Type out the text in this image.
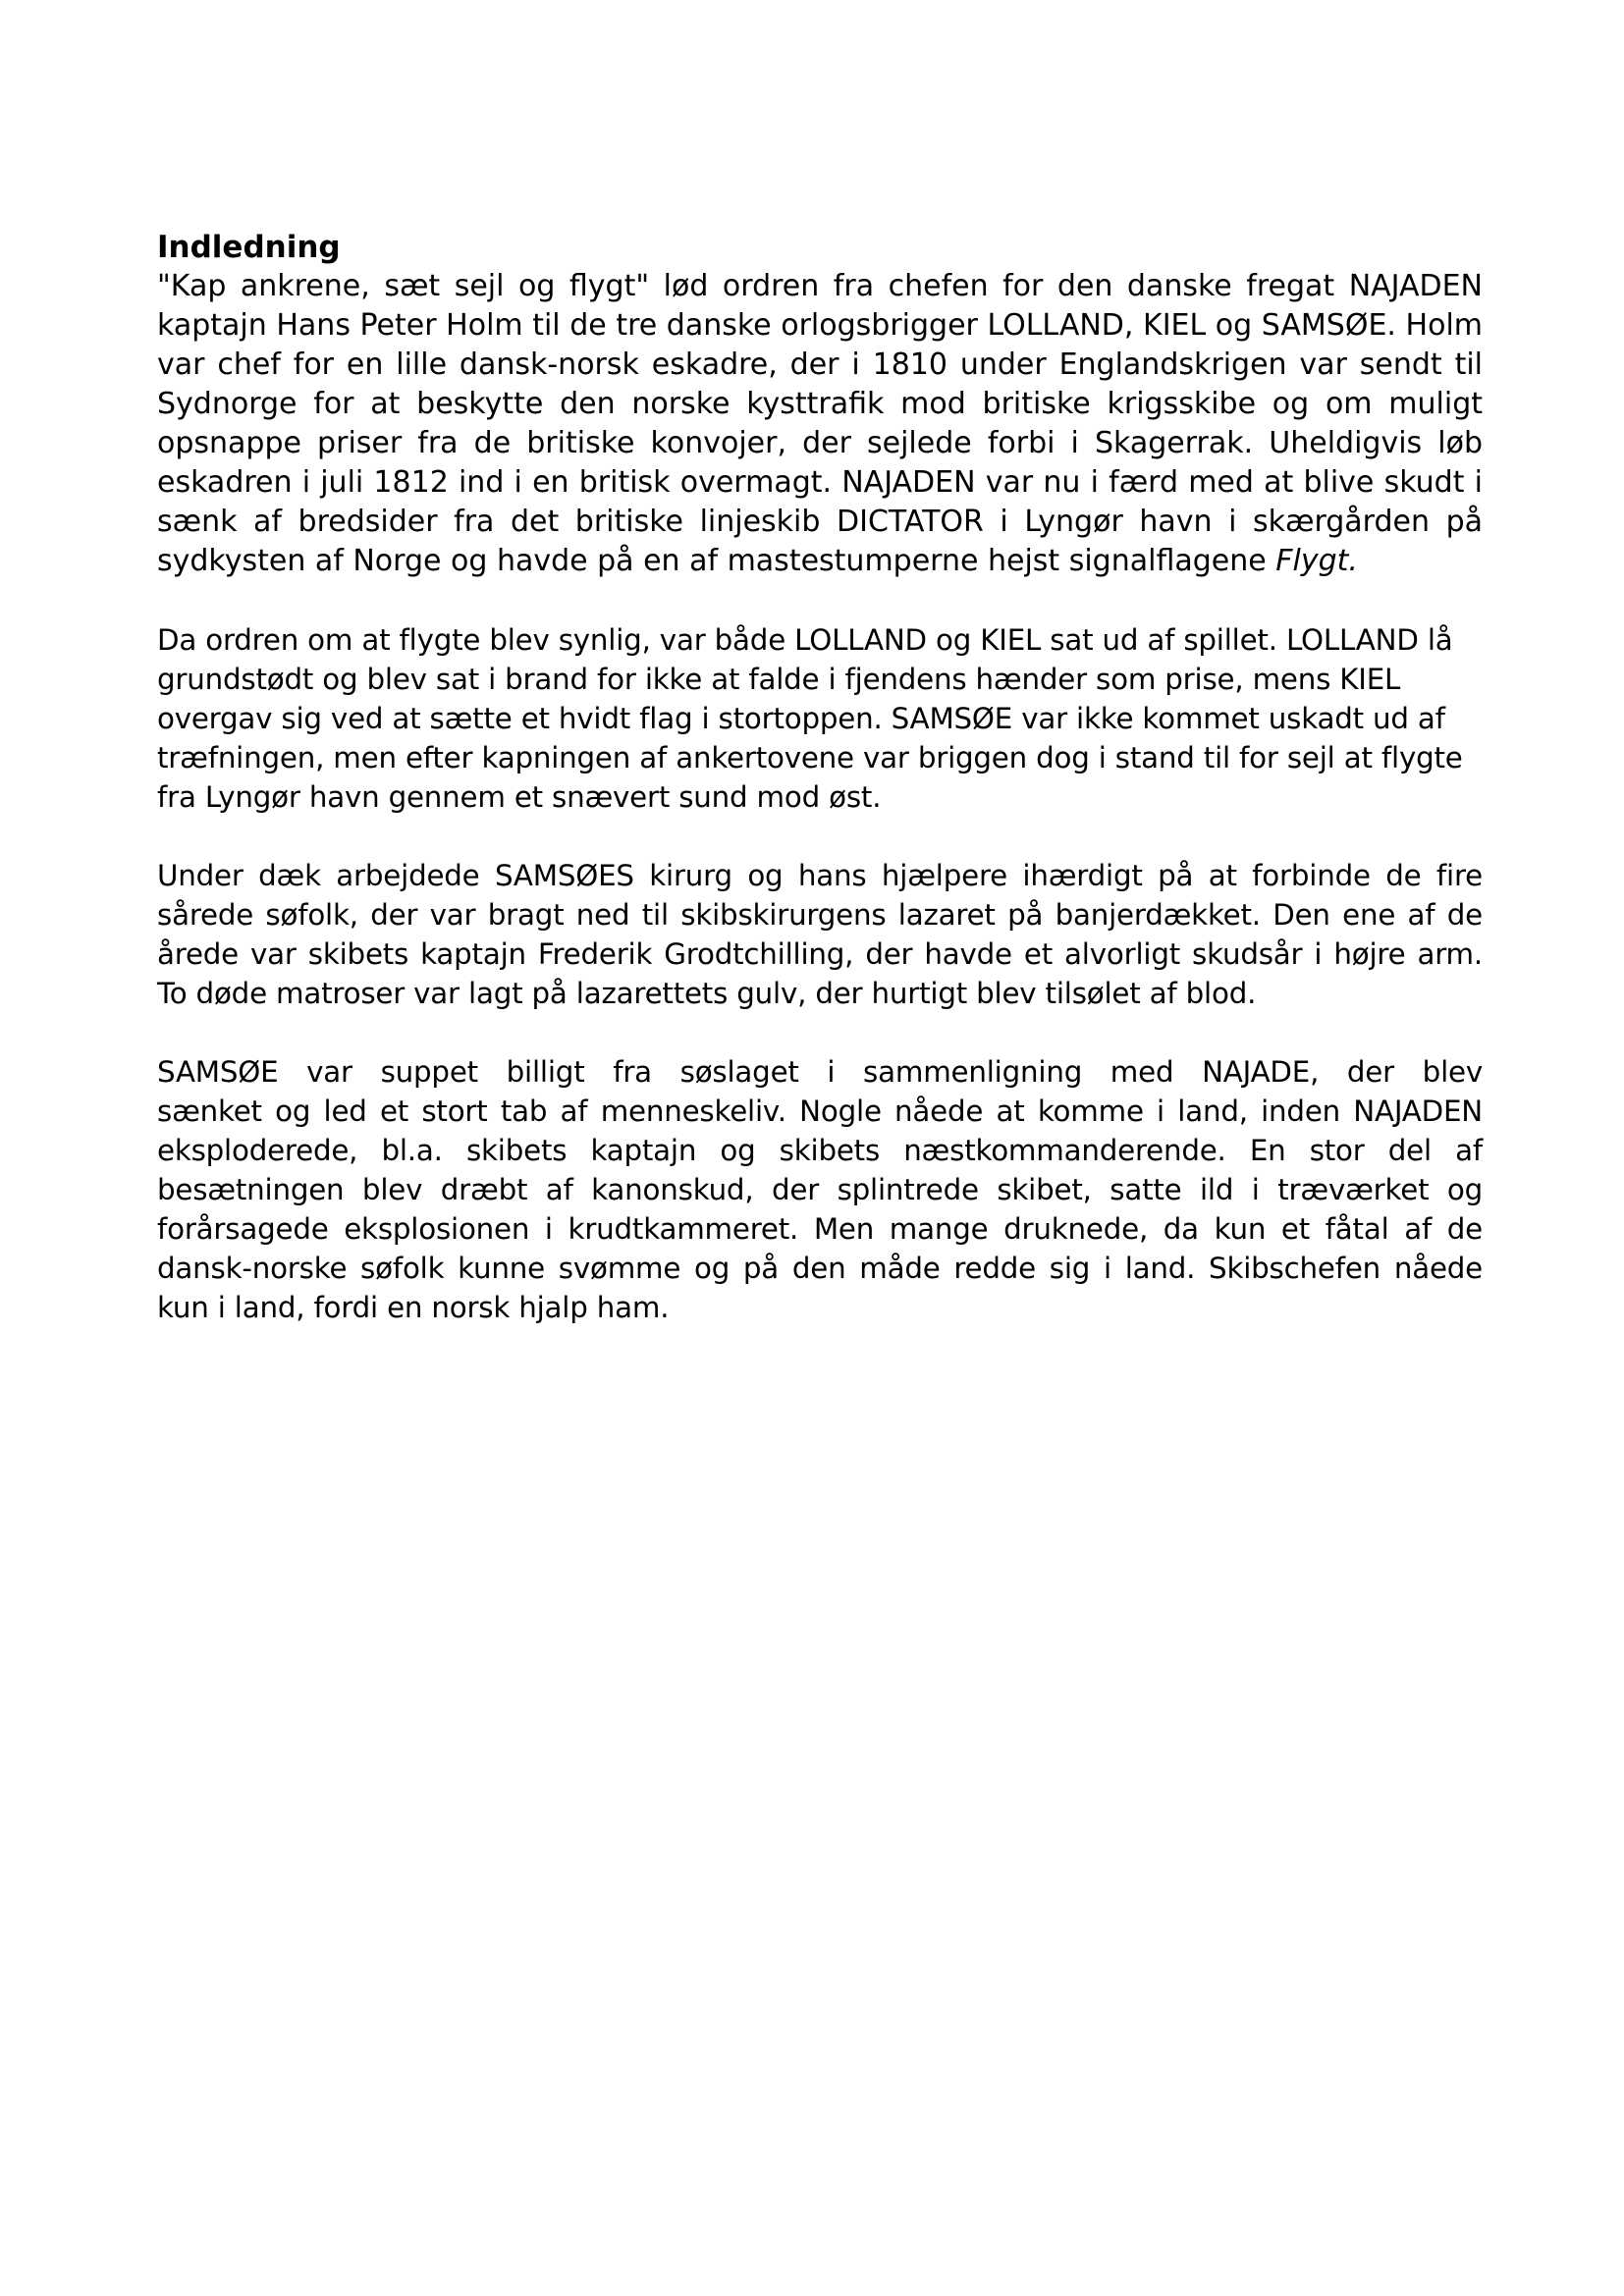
Indledning

"Kap ankrene, sæt sejl og flygt" lød ordren fra chefen for den danske fregat NAJADEN kaptajn Hans Peter Holm til de tre danske orlogsbrigger LOLLAND, KIEL og SAMSØE. Holm var chef for en lille dansk-norsk eskadre, der i 1810 under Englandskrigen var sendt til Sydnorge for at beskytte den norske kysttrafik mod britiske krigsskibe og om muligt opsnappe priser fra de britiske konvojer, der sejlede forbi i Skagerrak. Uheldigvis løb eskadren i juli 1812 ind i en britisk overmagt. NAJADEN var nu i færd med at blive skudt i sænk af bredsider fra det britiske linjeskib DICTATOR i Lyngør havn i skærgården på sydkysten af Norge og havde på en af mastestumperne hejst signalflagene Flygt.

Da ordren om at flygte blev synlig, var både LOLLAND og KIEL sat ud af spillet. LOLLAND lå grundstødt og blev sat i brand for ikke at falde i fjendens hænder som prise, mens KIEL overgav sig ved at sætte et hvidt flag i stortoppen. SAMSØE var ikke kommet uskadt ud af træfningen, men efter kapningen af ankertovene var briggen dog i stand til for sejl at flygte fra Lyngør havn gennem et snævert sund mod øst.

Under dæk arbejdede SAMSØES kirurg og hans hjælpere ihærdigt på at forbinde de fire sårede søfolk, der var bragt ned til skibskirurgens lazaret på banjerdækket. Den ene af de årede var skibets kaptajn Frederik Grodtchilling, der havde et alvorligt skudsår i højre arm. To døde matroser var lagt på lazarettets gulv, der hurtigt blev tilsølet af blod.

SAMSØE var suppet billigt fra søslaget i sammenligning med NAJADE, der blev
sænket og led et stort tab af menneskeliv. Nogle nåede at komme i land, inden NAJADEN eksploderede, bl.a. skibets kaptajn og skibets næstkommanderende. En stor del af besætningen blev dræbt af kanonskud, der splintrede skibet, satte ild i træværket og forårsagede eksplosionen i krudtkammeret. Men mange druknede, da kun et fåtal af de dansk-norske søfolk kunne svømme og på den måde redde sig i land. Skibschefen nåede kun i land, fordi en norsk hjalp ham.
